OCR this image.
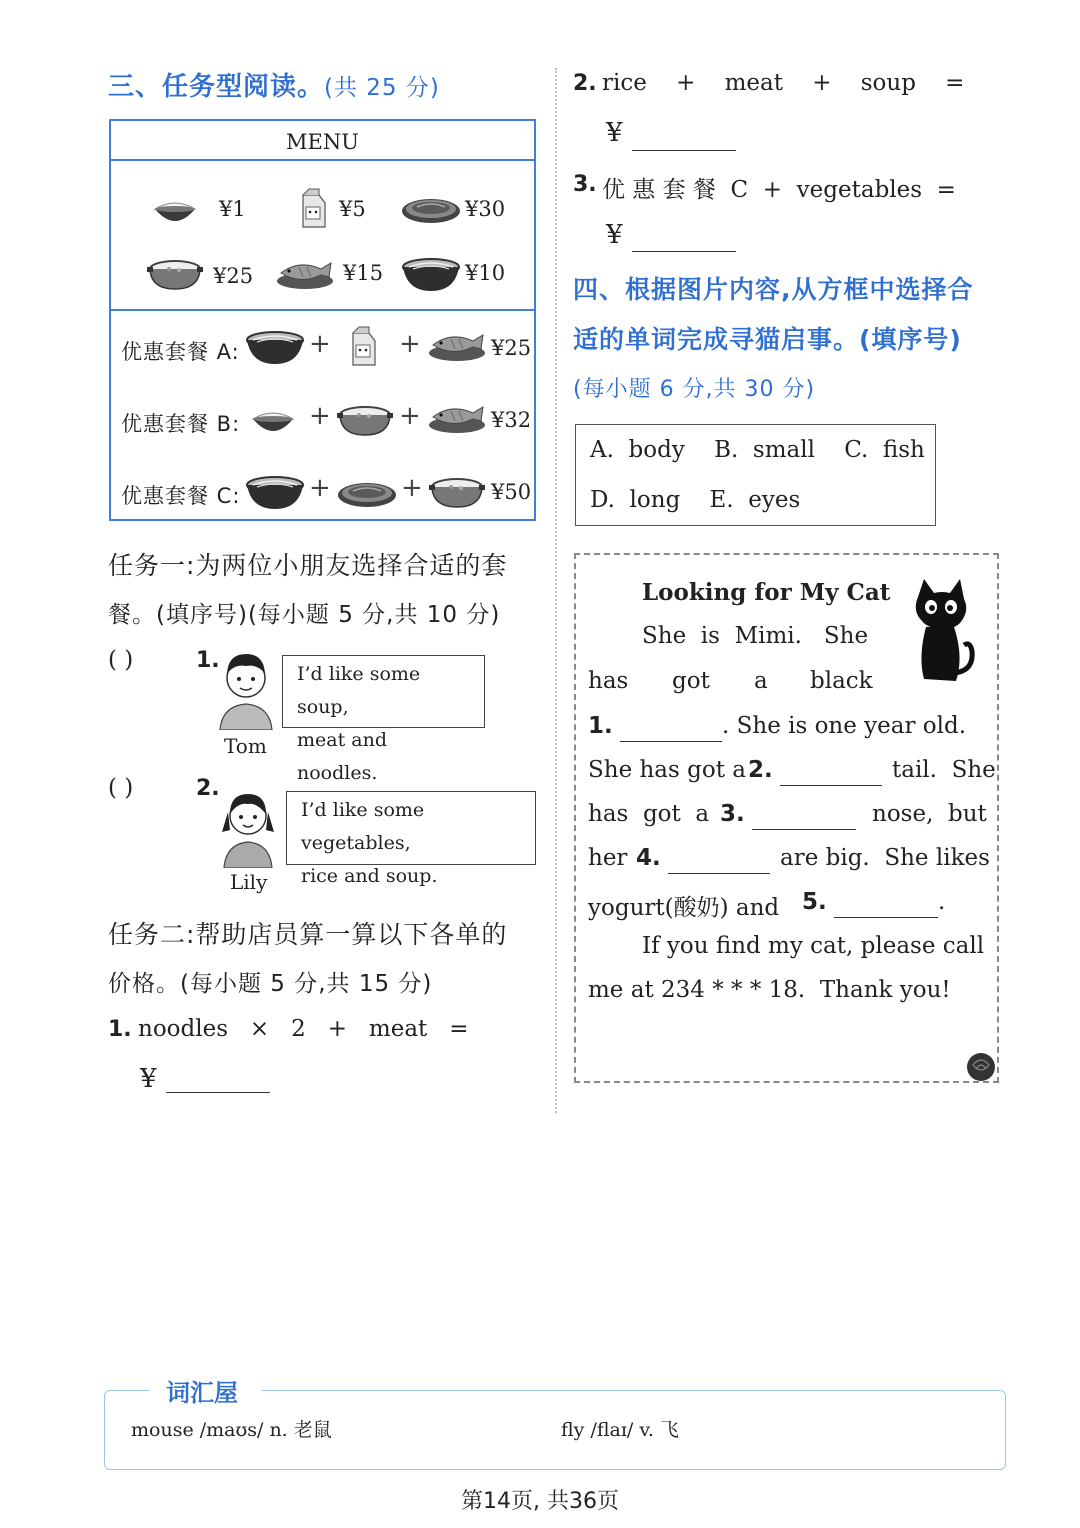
三、任务型阅读。(共 25 分)
MENU
¥1	¥5	¥30
¥25	¥15	¥10
优惠套餐 A:	+	+	¥25
优惠套餐 B:	+	+	¥32
优惠套餐 C:	+	+	¥50
任务一:为两位小朋友选择合适的套
餐。(填序号)(每小题 5 分,共 10 分)
( )	1.
Tom
I’d like some soup,
meat and noodles.
( )	2.
Lily
I’d like some vegetables,
rice and soup.
任务二:帮助店员算一算以下各单的
价格。(每小题 5 分,共 15 分)
1. noodles   ×   2   +   meat   =
¥
2. rice    +    meat    +    soup    =
¥
3. 优 惠 套 餐  C  +  vegetables  =
¥
四、根据图片内容,从方框中选择合
适的单词完成寻猫启事。(填序号)
(每小题 6 分,共 30 分)
A.  body    B.  small    C.  fish
D.  long    E.  eyes
Looking for My Cat
She  is  Mimi.   She
has got a black
1.	. She is one year old.
She has got a
2.	tail.  She
has  got  a 3.	nose,  but
her 4.	are big.  She likes
yogurt(酸奶) and 5.	.
If you find my cat, please call
me at 234 * * * 18.  Thank you!
mouse /maʊs/ n. 老鼠	fly /flaɪ/ v. 飞
词汇屋
第14页, 共36页
